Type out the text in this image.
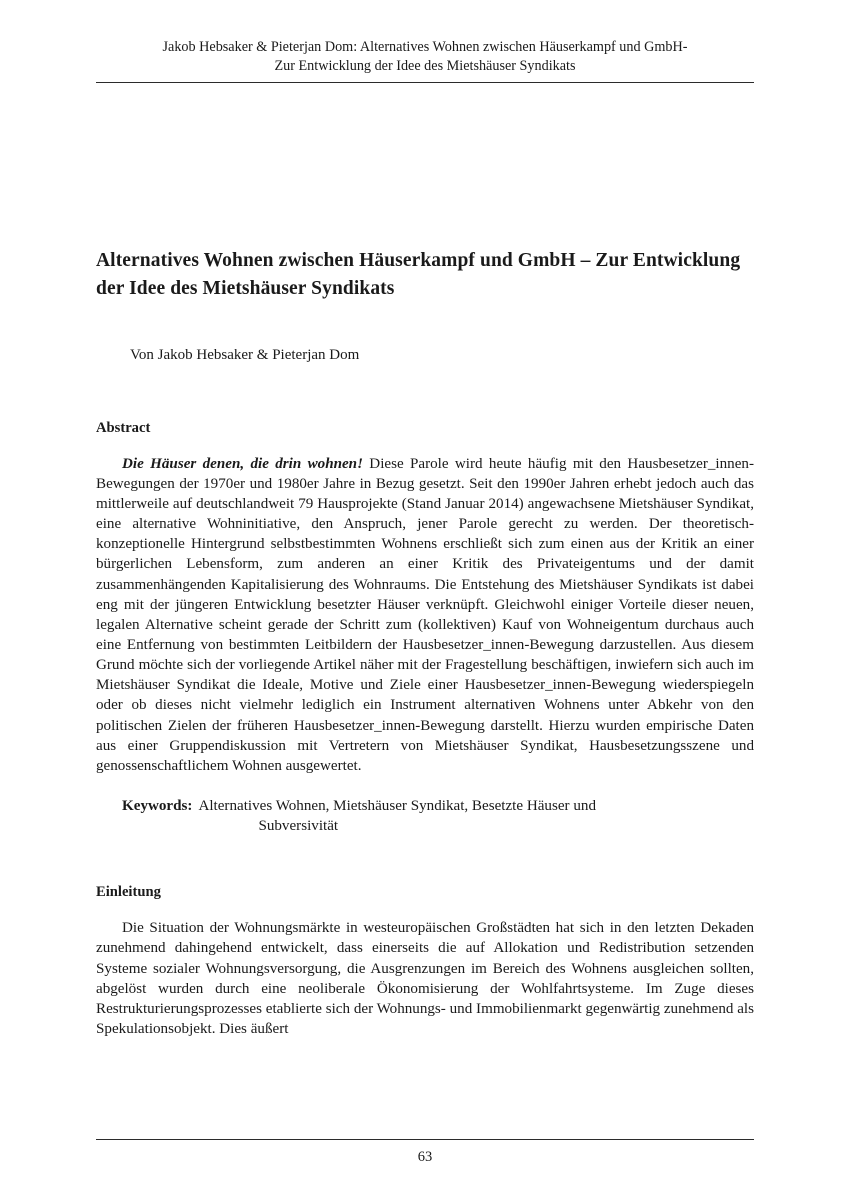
Jakob Hebsaker & Pieterjan Dom: Alternatives Wohnen zwischen Häuserkampf und GmbH-
Zur Entwicklung der Idee des Mietshäuser Syndikats
Alternatives Wohnen zwischen Häuserkampf und GmbH – Zur Entwicklung der Idee des Mietshäuser Syndikats
Von Jakob Hebsaker & Pieterjan Dom
Abstract

Die Häuser denen, die drin wohnen! Diese Parole wird heute häufig mit den Hausbesetzer_innen-Bewegungen der 1970er und 1980er Jahre in Bezug gesetzt. Seit den 1990er Jahren erhebt jedoch auch das mittlerweile auf deutschlandweit 79 Hausprojekte (Stand Januar 2014) angewachsene Mietshäuser Syndikat, eine alternative Wohninitiative, den Anspruch, jener Parole gerecht zu werden. Der theoretisch-konzeptionelle Hintergrund selbstbestimmten Wohnens erschließt sich zum einen aus der Kritik an einer bürgerlichen Lebensform, zum anderen an einer Kritik des Privateigentums und der damit zusammenhängenden Kapitalisierung des Wohnraums. Die Entstehung des Mietshäuser Syndikats ist dabei eng mit der jüngeren Entwicklung besetzter Häuser verknüpft. Gleichwohl einiger Vorteile dieser neuen, legalen Alternative scheint gerade der Schritt zum (kollektiven) Kauf von Wohneigentum durchaus auch eine Entfernung von bestimmten Leitbildern der Hausbesetzer_innen-Bewegung darzustellen. Aus diesem Grund möchte sich der vorliegende Artikel näher mit der Fragestellung beschäftigen, inwiefern sich auch im Mietshäuser Syndikat die Ideale, Motive und Ziele einer Hausbesetzer_innen-Bewegung wiederspiegeln oder ob dieses nicht vielmehr lediglich ein Instrument alternativen Wohnens unter Abkehr von den politischen Zielen der früheren Hausbesetzer_innen-Bewegung darstellt. Hierzu wurden empirische Daten aus einer Gruppendiskussion mit Vertretern von Mietshäuser Syndikat, Hausbesetzungsszene und genossenschaftlichem Wohnen ausgewertet.

Keywords: Alternatives Wohnen, Mietshäuser Syndikat, Besetzte Häuser und
Subversivität
Einleitung

Die Situation der Wohnungsmärkte in westeuropäischen Großstädten hat sich in den letzten Dekaden zunehmend dahingehend entwickelt, dass einerseits die auf Allokation und Redistribution setzenden Systeme sozialer Wohnungsversorgung, die Ausgrenzungen im Bereich des Wohnens ausgleichen sollten, abgelöst wurden durch eine neoliberale Ökonomisierung der Wohlfahrtsysteme. Im Zuge dieses Restrukturierungsprozesses etablierte sich der Wohnungs- und Immobilienmarkt gegenwärtig zunehmend als Spekulationsobjekt. Dies äußert

63
